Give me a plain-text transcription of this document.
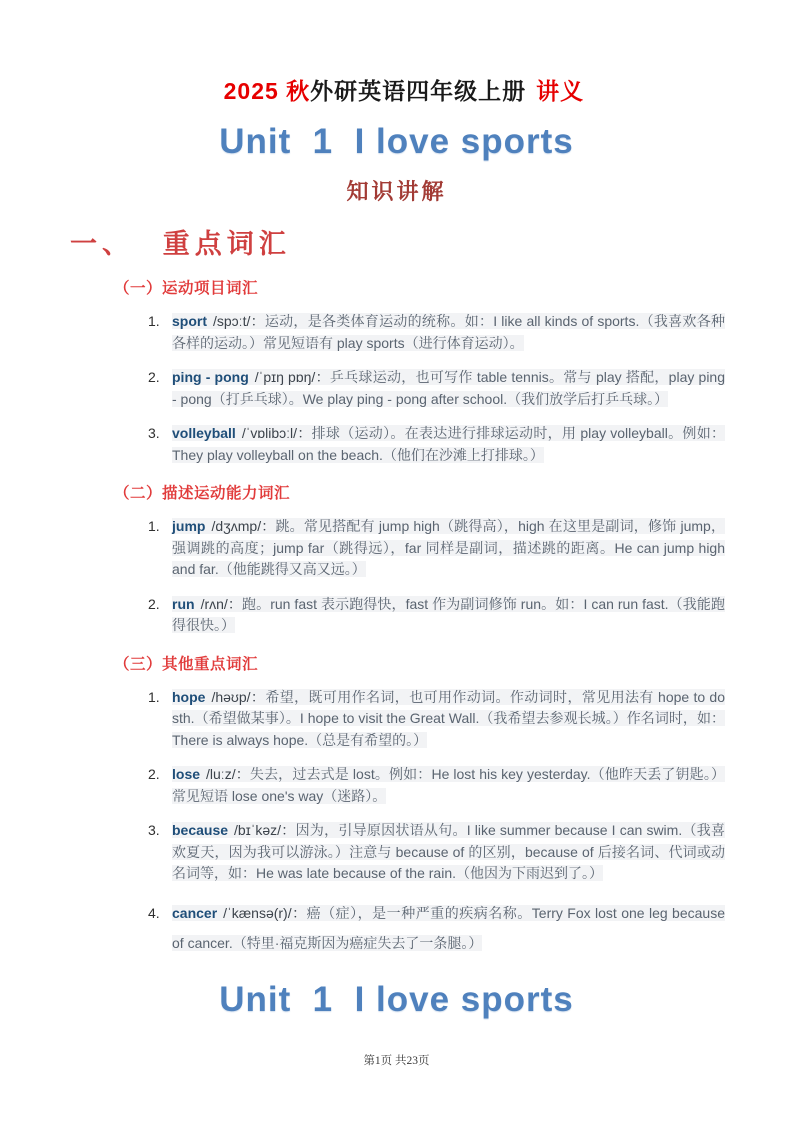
2025 秋外研英语四年级上册 讲义

Unit  1  I love sports
知识讲解
一、  重点词汇
（一）运动项目词汇
1. sport /spɔːt/：运动，是各类体育运动的统称。如：I like all kinds of sports.（我喜欢各种各样的运动。）常见短语有 play sports（进行体育运动）。
2. ping - pong /ˈpɪŋ pɒŋ/：乒乓球运动，也可写作 table tennis。常与 play 搭配，play ping - pong（打乒乓球）。We play ping - pong after school.（我们放学后打乒乓球。）
3. volleyball /ˈvɒlibɔːl/：排球（运动）。在表达进行排球运动时，用 play volleyball。例如：They play volleyball on the beach.（他们在沙滩上打排球。）
（二）描述运动能力词汇
1. jump /dʒʌmp/：跳。常见搭配有 jump high（跳得高），high 在这里是副词，修饰 jump，强调跳的高度；jump far（跳得远），far 同样是副词，描述跳的距离。He can jump high and far.（他能跳得又高又远。）
2. run /rʌn/：跑。run fast 表示跑得快，fast 作为副词修饰 run。如：I can run fast.（我能跑得很快。）
（三）其他重点词汇
1. hope /həʊp/：希望，既可用作名词，也可用作动词。作动词时，常见用法有 hope to do sth.（希望做某事）。I hope to visit the Great Wall.（我希望去参观长城。）作名词时，如：There is always hope.（总是有希望的。）
2. lose /luːz/：失去，过去式是 lost。例如：He lost his key yesterday.（他昨天丢了钥匙。）常见短语 lose one's way（迷路）。
3. because /bɪˈkəz/：因为，引导原因状语从句。I like summer because I can swim.（我喜欢夏天，因为我可以游泳。）注意与 because of 的区别，because of 后接名词、代词或动名词等，如：He was late because of the rain.（他因为下雨迟到了。）
4. cancer /ˈkænsə(r)/：癌（症），是一种严重的疾病名称。Terry Fox lost one leg because of cancer.（特里·福克斯因为癌症失去了一条腿。）
Unit  1  I love sports
第1页 共23页
